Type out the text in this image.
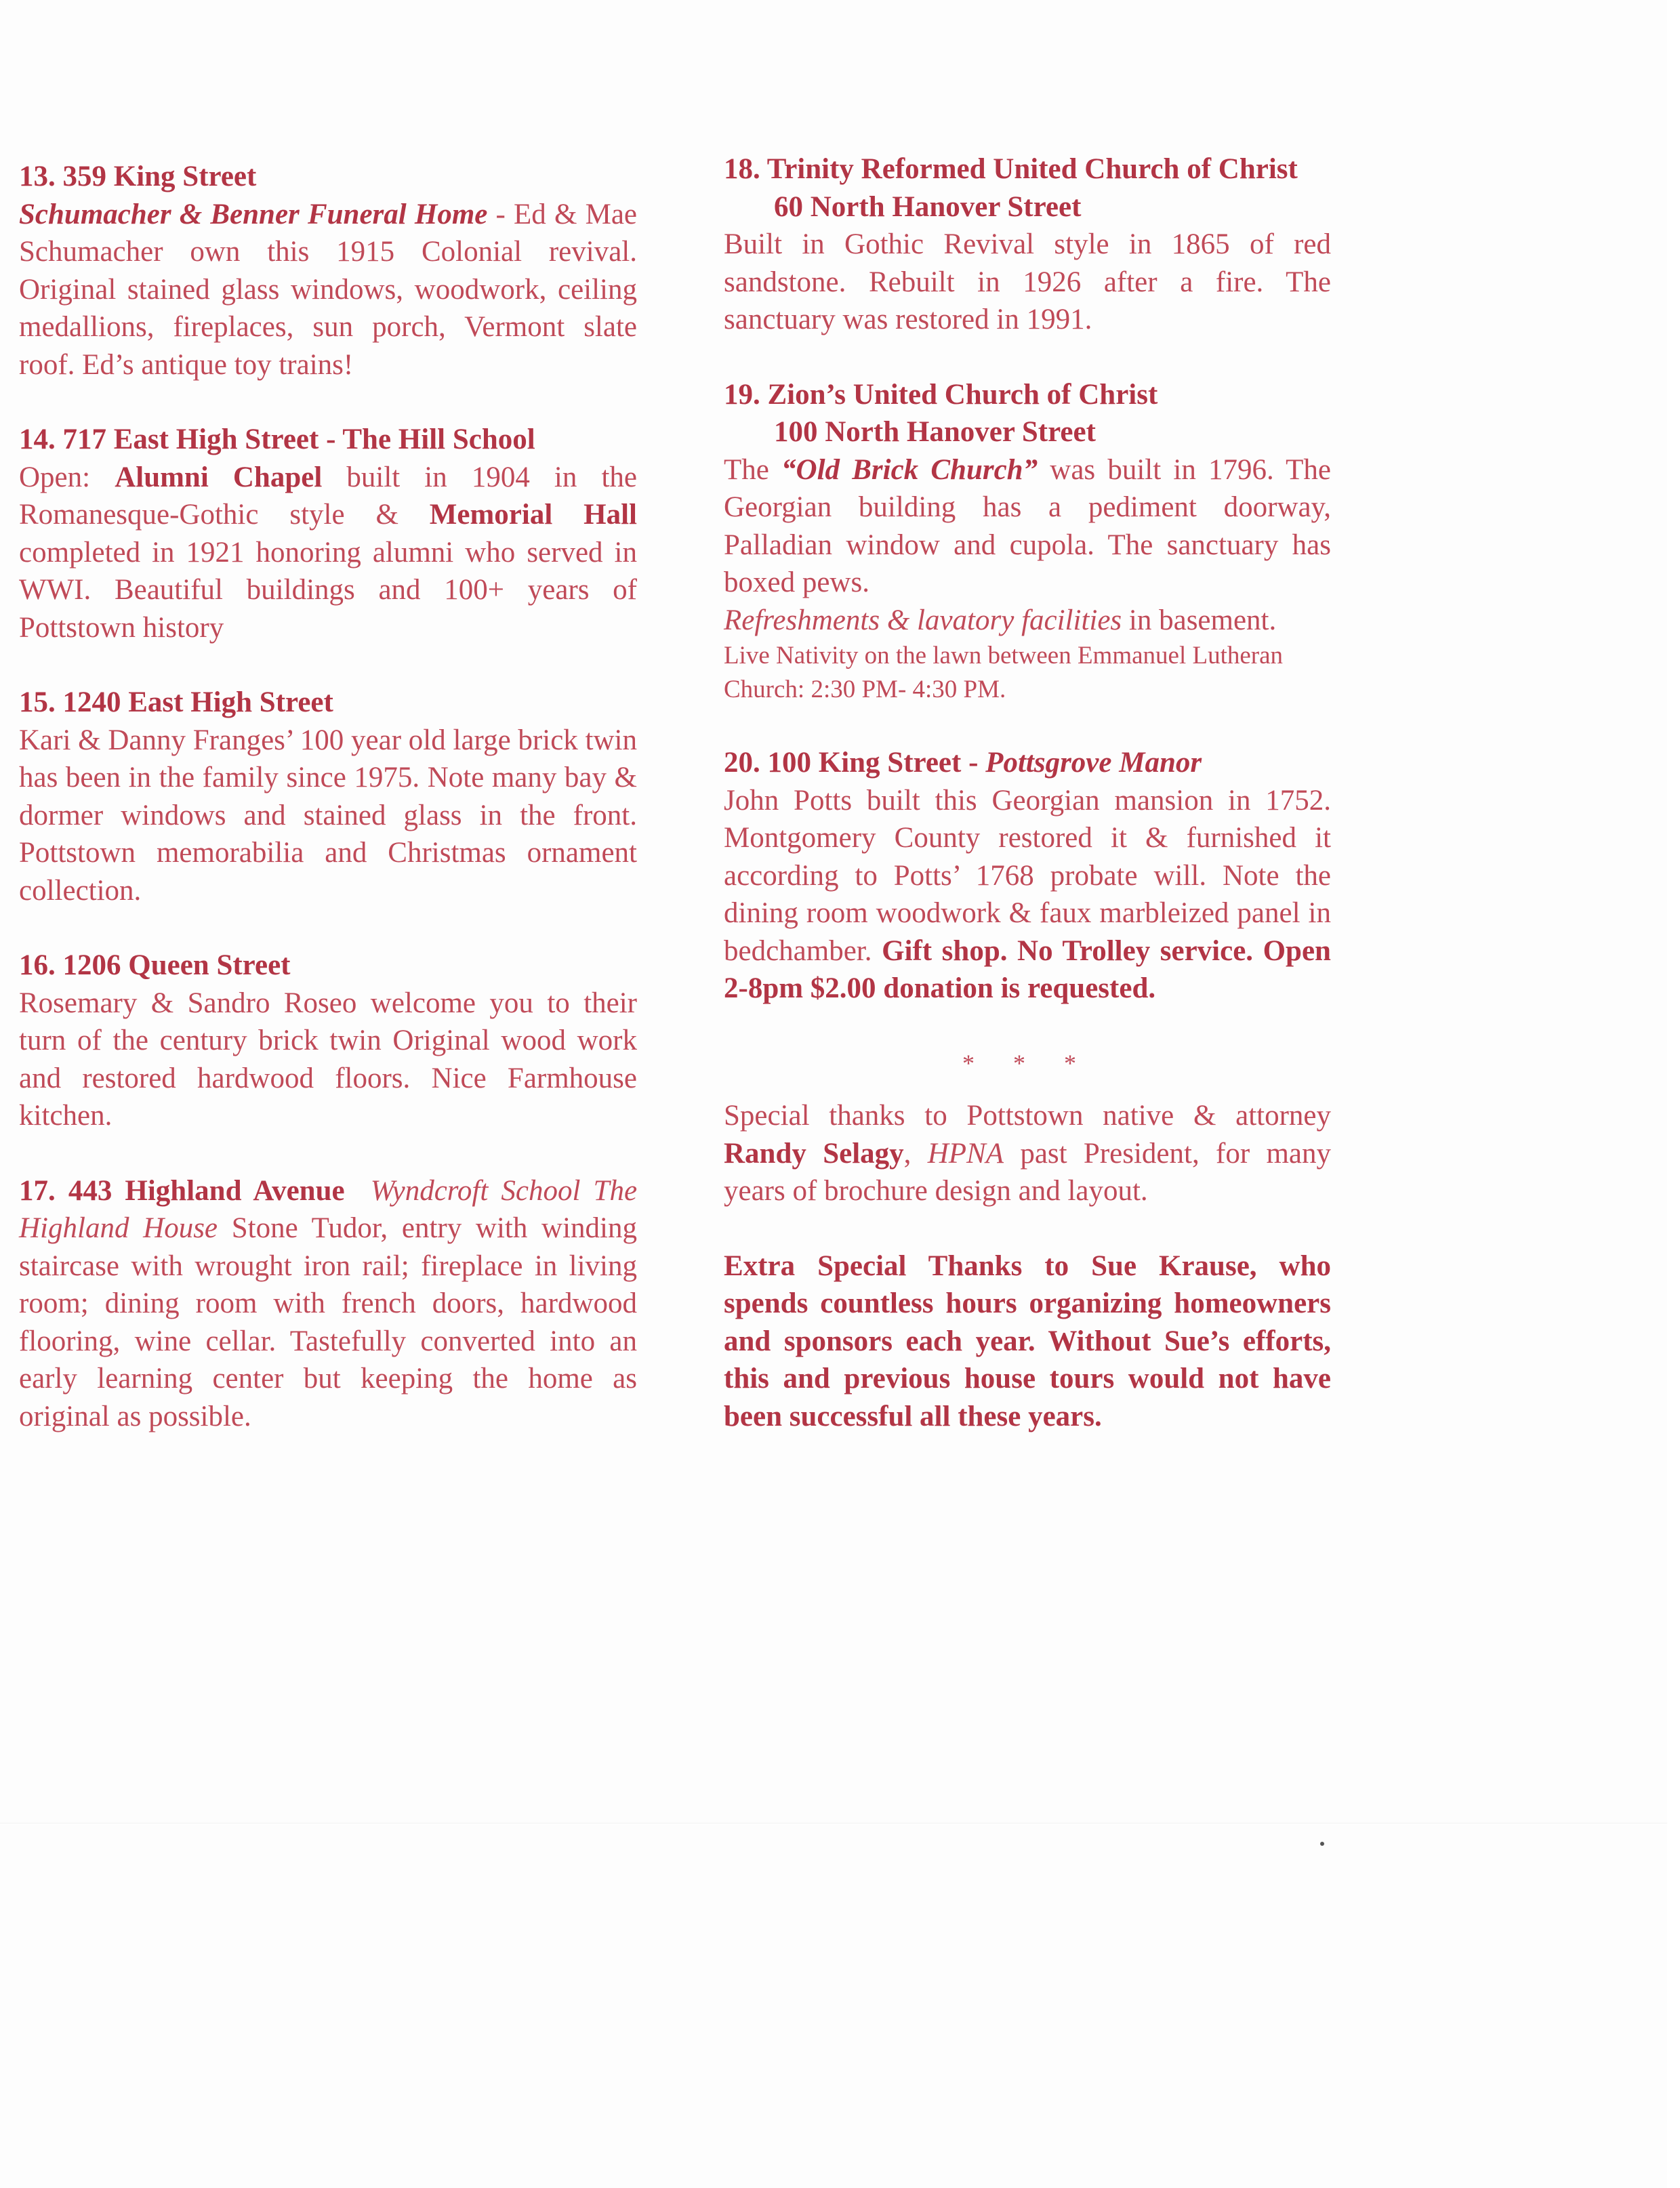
13. 359 King Street
Schumacher & Benner Funeral Home - Ed & Mae Schumacher own this 1915 Colonial revival. Original stained glass windows, woodwork, ceiling medallions, fireplaces, sun porch, Vermont slate roof. Ed’s antique toy trains!
14. 717 East High Street - The Hill School
Open: Alumni Chapel built in 1904 in the Romanesque-Gothic style & Memorial Hall completed in 1921 honoring alumni who served in WWI. Beautiful buildings and 100+ years of Pottstown history
15. 1240 East High Street
Kari & Danny Franges’ 100 year old large brick twin has been in the family since 1975. Note many bay & dormer windows and stained glass in the front. Pottstown memorabilia and Christmas ornament collection.
16. 1206 Queen Street
Rosemary & Sandro Roseo welcome you to their turn of the century brick twin Original wood work and restored hardwood floors. Nice Farmhouse kitchen.
17. 443 Highland Avenue Wyndcroft School The Highland House Stone Tudor, entry with winding staircase with wrought iron rail; fireplace in living room; dining room with french doors, hardwood flooring, wine cellar. Tastefully converted into an early learning center but keeping the home as original as possible.
18. Trinity Reformed United Church of Christ
60 North Hanover Street
Built in Gothic Revival style in 1865 of red sandstone. Rebuilt in 1926 after a fire. The sanctuary was restored in 1991.
19. Zion’s United Church of Christ
100 North Hanover Street
The “Old Brick Church” was built in 1796. The Georgian building has a pediment doorway, Palladian window and cupola. The sanctuary has boxed pews.
Refreshments & lavatory facilities in basement.
Live Nativity on the lawn between Emmanuel Lutheran Church: 2:30 PM- 4:30 PM.
20. 100 King Street - Pottsgrove Manor
John Potts built this Georgian mansion in 1752. Montgomery County restored it & furnished it according to Potts’ 1768 probate will. Note the dining room woodwork & faux marbleized panel in bedchamber. Gift shop. No Trolley service. Open 2-8pm $2.00 donation is requested.
* * *
Special thanks to Pottstown native & attorney Randy Selagy, HPNA past President, for many years of brochure design and layout.
Extra Special Thanks to Sue Krause, who spends countless hours organizing homeowners and sponsors each year. Without Sue’s efforts, this and previous house tours would not have been successful all these years.
